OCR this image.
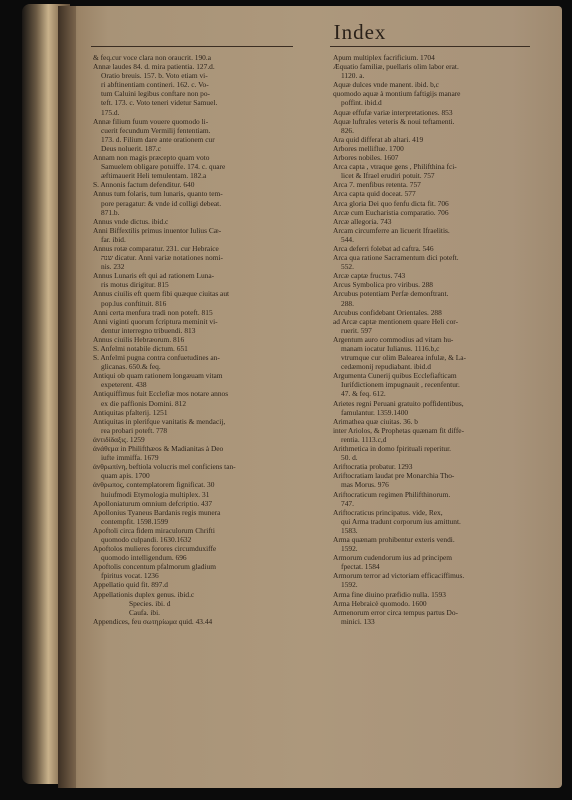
Index
& feq.cur voce clara non oraucrit. 190.a
Annæ laudes 84. d. mira patientia. 127.d.
Oratio breuis. 157. b. Voto etiam vi-
ri abftinentiam contineri. 162. c. Vo-
tum Caluini legibus conftare non po-
teft. 173. c. Voto teneri videtur Samuel.
175.d.
Annæ filium fuum vouere quomodo li-
cuerit fecundum Vermilij fententiam.
173. d. Filium dare ante orationem cur
Deus noluerit. 187.c
Annam non magis præcepto quam voto
Samuelem obligare potuiffe. 174. c. quare
æftimauerit Heli temulentam. 182.a
S. Annonis factum defenditur. 640
Annus tum folaris, tum lunaris, quanto tem-
pore peragatur: & vnde id colligi debeat.
871.b.
Annus vnde dictus. ibid.c
Anni Biffextilis primus inuentor Iulius Cæ-
far. ibid.
Annus rotæ comparatur. 231. cur Hebraice
שנה dicatur. Anni variæ notationes nomi-
nis. 232
Annus Lunaris eft qui ad rationem Luna-
ris motus dirigitur. 815
Annus ciuilis eft quem fibi quæque ciuitas aut
pop.lus conftituit. 816
Anni certa menfura tradi non poteft. 815
Anni viginti quorum fcriptura meminit vi-
dentur interregno tribuendi. 813
Annus ciuilis Hebræorum. 816
S. Anfelmi notabile dictum. 651
S. Anfelmi pugna contra confuetudines an-
glicanas. 650.& feq.
Antiqui ob quam rationem longæuam vitam
expeterent. 438
Antiquiffimus fuit Ecclefiæ mos notare annos
ex die paffionis Domini. 812
Antiquitas pfalterij. 1251
Antiquitas in plerifque vanitatis & mendacij,
rea probari poteft. 778
ἀντιδίδαξις. 1259
ἀνάθεμα in Philifthæos & Madianitas à Deo
iufte immiffa. 1679
ἀνθρωπίνη, beftiola volucris mel conficiens tan-
quam apis. 1700
ἀνθρωπος, contemplatorem fignificat. 30
huiufmodi Etymologia multiplex. 31
Apolloniaturum omnium defcriptio. 437
Apollonius Tyaneus Bardanis regis munera
contempfit. 1598.1599
Apoftoli circa fidem miraculorum Chrifti
quomodo culpandi. 1630.1632
Apoftolos mulieres forores circumduxiffe
quomodo intelligendum. 696
Apoftolis concentum pfalmorum gladium
fpiritus vocat. 1236
Appellatio quid fit. 897.d
Appellationis duplex genus. ibid.c
Species. ibi. d
Caufa. ibi.
Appendices, feu σωτηρίωμα quid. 43.44
Apum multiplex facrificium. 1704
Æquatio familiæ, puellaris olim labor erat.
1120. a.
Aquæ dulces vnde manent. ibid. b,c
quomodo aquæ à montium faftigijs manare
poffint. ibid.d
Aquæ effufæ variæ interpretationes. 853
Aquæ luftrales veteris & noui teftamenti.
826.
Ara quid differat ab altari. 419
Arbores melliflue. 1700
Arbores nobiles. 1607
Arca capta , vtraque gens , Philifthina fci-
licet & Ifrael erudiri potuit. 757
Arca 7. menfibus retenta. 757
Arca capta quid doceat. 577
Arca gloria Dei quo fenfu dicta fit. 706
Arcæ cum Eucharistia comparatio. 706
Arcæ allegoria. 743
Arcam circumferre an licuerit Ifraelitis.
544.
Arca deferri folebat ad caftra. 546
Arca qua ratione Sacramentum dici poteft.
552.
Arcæ captæ fructus. 743
Arcus Symbolica pro viribus. 288
Arcubus potentiam Perfæ demonftrant.
288.
Arcubus confidebant Orientales. 288
ad Arcæ captæ mentionem quare Heli cor-
ruerit. 597
Argentum auro commodius ad vitam hu-
manam iocatur Iulianus. 1116.b,c
vtrumque cur olim Balearea infulæ, & La-
cedæmonij repudiabant. ibid.d
Argumenta Cunerij quibus Ecclefiafticam
Iurifdictionem impugnauit , recenfentur.
47. & feq. 612.
Arietes regni Peruani gratuito poffidentibus,
famulantur. 1359.1400
Arimathea quæ ciuitas. 36. b
inter Ariolos, & Prophetas quænam fit diffe-
rentia. 1113.c,d
Arithmetica in domo fpirituali reperitur.
50. d.
Ariftocratia probatur. 1293
Ariftocratiam laudat pre Monarchia Tho-
mas Morus. 976
Ariftocraticum regimen Philifthinorum.
747.
Ariftocraticus principatus. vide, Rex,
qui Arma tradunt corporum ius amittunt.
1583.
Arma quænam prohibentur exteris vendi.
1592.
Armorum cudendorum ius ad principem
fpectat. 1584
Armorum terror ad victoriam efficaciffimus.
1592.
Arma fine diuino præfidio nulla. 1593
Arma Hebraicè quomodo. 1600
Armenorum error circa tempus partus Do-
minici. 133
